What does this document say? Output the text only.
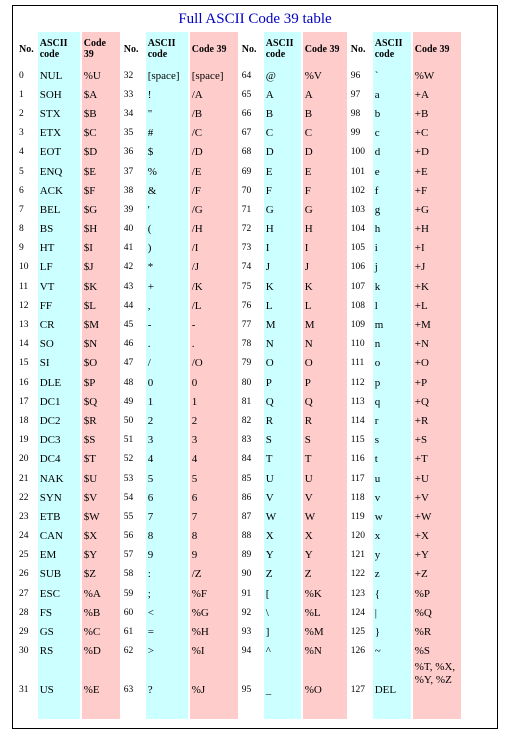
Full ASCII Code 39 table
No.	ASCII code	Code 39	No.	ASCII code	Code 39	No.	ASCII code	Code 39	No.	ASCII code	Code 39
0	NUL	%U	32	[space]	[space]	64	@	%V	96	`	%W
1	SOH	$A	33	!	/A	65	A	A	97	a	+A
2	STX	$B	34	"	/B	66	B	B	98	b	+B
3	ETX	$C	35	#	/C	67	C	C	99	c	+C
4	EOT	$D	36	$	/D	68	D	D	100	d	+D
5	ENQ	$E	37	%	/E	69	E	E	101	e	+E
6	ACK	$F	38	&	/F	70	F	F	102	f	+F
7	BEL	$G	39	'	/G	71	G	G	103	g	+G
8	BS	$H	40	(	/H	72	H	H	104	h	+H
9	HT	$I	41	)	/I	73	I	I	105	i	+I
10	LF	$J	42	*	/J	74	J	J	106	j	+J
11	VT	$K	43	+	/K	75	K	K	107	k	+K
12	FF	$L	44	,	/L	76	L	L	108	l	+L
13	CR	$M	45	-	-	77	M	M	109	m	+M
14	SO	$N	46	.	.	78	N	N	110	n	+N
15	SI	$O	47	/	/O	79	O	O	111	o	+O
16	DLE	$P	48	0	0	80	P	P	112	p	+P
17	DC1	$Q	49	1	1	81	Q	Q	113	q	+Q
18	DC2	$R	50	2	2	82	R	R	114	r	+R
19	DC3	$S	51	3	3	83	S	S	115	s	+S
20	DC4	$T	52	4	4	84	T	T	116	t	+T
21	NAK	$U	53	5	5	85	U	U	117	u	+U
22	SYN	$V	54	6	6	86	V	V	118	v	+V
23	ETB	$W	55	7	7	87	W	W	119	w	+W
24	CAN	$X	56	8	8	88	X	X	120	x	+X
25	EM	$Y	57	9	9	89	Y	Y	121	y	+Y
26	SUB	$Z	58	:	/Z	90	Z	Z	122	z	+Z
27	ESC	%A	59	;	%F	91	[	%K	123	{	%P
28	FS	%B	60	<	%G	92	\	%L	124	|	%Q
29	GS	%C	61	=	%H	93	]	%M	125	}	%R
30	RS	%D	62	>	%I	94	^	%N	126	~	%S
31	US	%E	63	?	%J	95	_	%O	127	DEL	%T, %X, %Y, %Z
